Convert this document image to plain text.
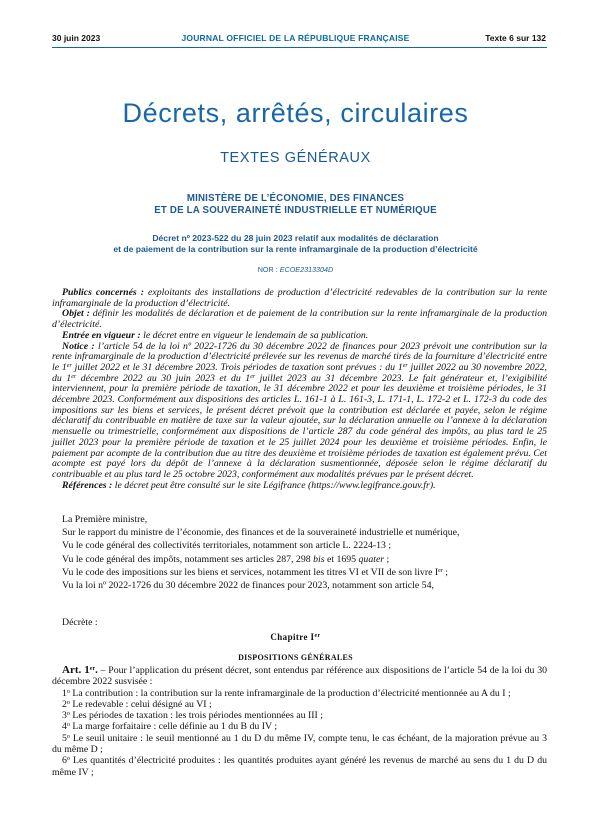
30 juin 2023	JOURNAL OFFICIEL DE LA RÉPUBLIQUE FRANÇAISE	Texte 6 sur 132
Décrets, arrêtés, circulaires
TEXTES GÉNÉRAUX
MINISTÈRE DE L’ÉCONOMIE, DES FINANCES
ET DE LA SOUVERAINETÉ INDUSTRIELLE ET NUMÉRIQUE
Décret nº 2023-522 du 28 juin 2023 relatif aux modalités de déclaration
et de paiement de la contribution sur la rente inframarginale de la production d’électricité
NOR : ECOE2313304D

Publics concernés : exploitants des installations de production d’électricité redevables de la contribution sur la rente inframarginale de la production d’électricité.

Objet : définir les modalités de déclaration et de paiement de la contribution sur la rente inframarginale de la production d’électricité.

Entrée en vigueur : le décret entre en vigueur le lendemain de sa publication.

Notice : l’article 54 de la loi nº 2022-1726 du 30 décembre 2022 de finances pour 2023 prévoit une contribution sur la rente inframarginale de la production d’électricité prélevée sur les revenus de marché tirés de la fourniture d’électricité entre le 1er juillet 2022 et le 31 décembre 2023. Trois périodes de taxation sont prévues : du 1er juillet 2022 au 30 novembre 2022, du 1er décembre 2022 au 30 juin 2023 et du 1er juillet 2023 au 31 décembre 2023. Le fait générateur et, l’exigibilité interviennent, pour la première période de taxation, le 31 décembre 2022 et pour les deuxième et troisième périodes, le 31 décembre 2023. Conformément aux dispositions des articles L. 161-1 à L. 161-3, L. 171-1, L. 172-2 et L. 172-3 du code des impositions sur les biens et services, le présent décret prévoit que la contribution est déclarée et payée, selon le régime déclaratif du contribuable en matière de taxe sur la valeur ajoutée, sur la déclaration annuelle ou l’annexe à la déclaration mensuelle ou trimestrielle, conformément aux dispositions de l’article 287 du code général des impôts, au plus tard le 25 juillet 2023 pour la première période de taxation et le 25 juillet 2024 pour les deuxième et troisième périodes. Enfin, le paiement par acompte de la contribution due au titre des deuxième et troisième périodes de taxation est également prévu. Cet acompte est payé lors du dépôt de l’annexe à la déclaration susmentionnée, déposée selon le régime déclaratif du contribuable et au plus tard le 25 octobre 2023, conformément aux modalités prévues par le présent décret.

Références : le décret peut être consulté sur le site Légifrance (https://www.legifrance.gouv.fr).

La Première ministre,

Sur le rapport du ministre de l’économie, des finances et de la souveraineté industrielle et numérique,

Vu le code général des collectivités territoriales, notamment son article L. 2224-13 ;

Vu le code général des impôts, notamment ses articles 287, 298 bis et 1695 quater ;

Vu le code des impositions sur les biens et services, notamment les titres VI et VII de son livre Ier ;

Vu la loi nº 2022-1726 du 30 décembre 2022 de finances pour 2023, notamment son article 54,

Décrète :
Chapitre Ier
DISPOSITIONS GÉNÉRALES

Art. 1er. – Pour l’application du présent décret, sont entendus par référence aux dispositions de l’article 54 de la loi du 30 décembre 2022 susvisée :

1$^o$ La contribution : la contribution sur la rente inframarginale de la production d’électricité mentionnée au A du I ;

2$^o$ Le redevable : celui désigné au VI ;

3$^o$ Les périodes de taxation : les trois périodes mentionnées au III ;

4$^o$ La marge forfaitaire : celle définie au 1 du B du IV ;

5$^o$ Le seuil unitaire : le seuil mentionné au 1 du D du même IV, compte tenu, le cas échéant, de la majoration prévue au 3 du même D ;

6$^o$ Les quantités d’électricité produites : les quantités produites ayant généré les revenus de marché au sens du 1 du D du même IV ;
